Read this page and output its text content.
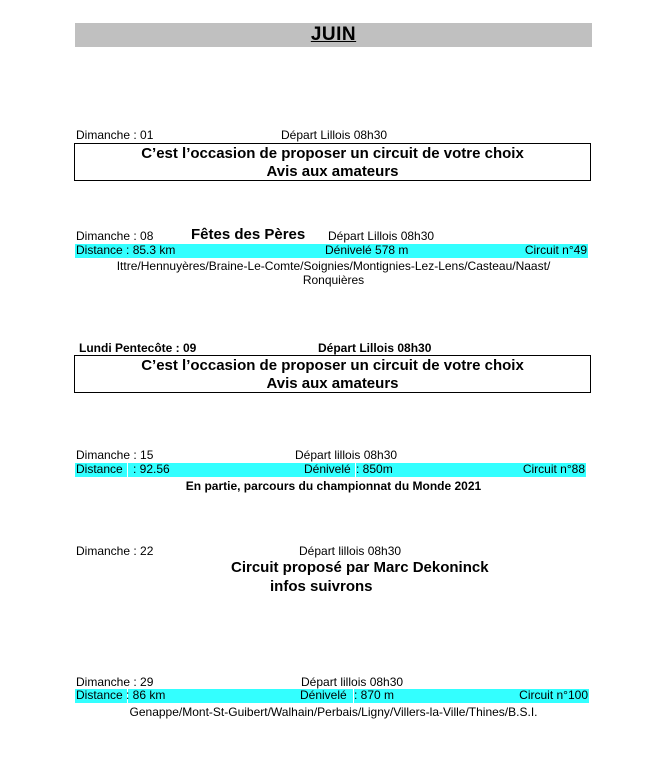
JUIN
Dimanche : 01	Départ Lillois 08h30
C’est l’occasion de proposer un circuit de votre choix
Avis aux amateurs
Dimanche : 08	Fêtes des Pères Départ Lillois 08h30
Distance : 85.3 km	Dénivelé 578 m	Circuit n°49
Ittre/Hennuyères/Braine-Le-Comte/Soignies/Montignies-Lez-Lens/Casteau/Naast/
Ronquières
Lundi Pentecôte : 09	Départ Lillois 08h30
C’est l’occasion de proposer un circuit de votre choix
Avis aux amateurs
Dimanche : 15	Départ lillois 08h30
Distance : 92.56	Dénivelé : 850m	Circuit n°88
En partie, parcours du championnat du Monde 2021
Dimanche : 22	Départ lillois 08h30
Circuit proposé par Marc Dekoninck
infos suivrons
Dimanche : 29	Départ lillois 08h30
Distance : 86 km	Dénivelé : 870 m	Circuit n°100
Genappe/Mont-St-Guibert/Walhain/Perbais/Ligny/Villers-la-Ville/Thines/B.S.I.
